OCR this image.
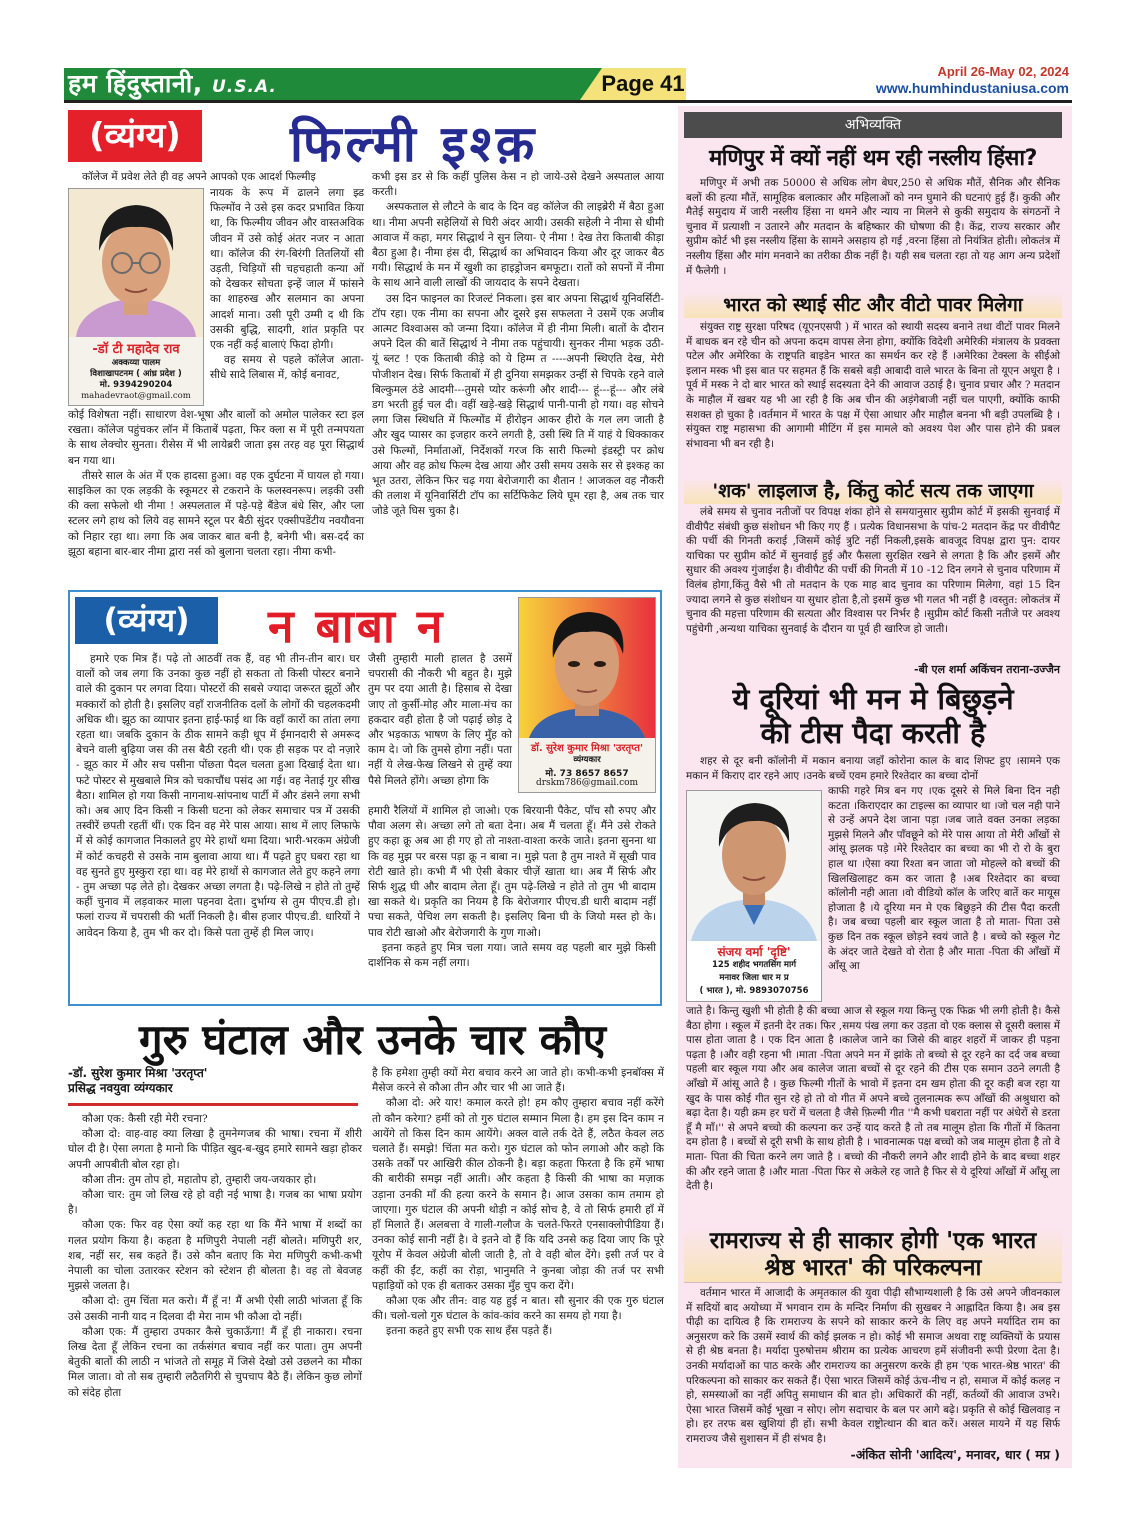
हम हिंदुस्तानी, U.S.A.	Page 41	April 26-May 02, 2024
www.humhindustaniusa.com
(व्यंग्य)	फिल्मी इश्क़

कॉलेज में प्रवेश लेते ही वह अपने आपको एक आदर्श फिल्मीइ

-डॉ टी महादेव राव
अक्कय्या पालम
विशाखापटनम ( आंध्र प्रदेश )
मो. 9394290204
mahadevraot@gmail.com

नायक के रूप में ढालने लगा झ्ड फिल्मोंव ने उसे इस कदर प्रभावित किया था, कि फिल्मीय जीवन और वास्तअविक जीवन में उसे कोई अंतर नजर न आता था। कॉलेज की रंग-बिरंगी तितलियों सी उड़ती, चिड़ियों सी चहचहाती कन्या ओं को देखकर सोचता इन्हें जाल में फांसने का शाहरुख और सलमान का अपना आदर्श माना। उसी पूरी उम्मी द थी कि उसकी बुद्धि, सादगी, शांत प्रकृति पर एक नहीं कई बालाएं फिदा होगी।

वह समय से पहले कॉलेज आता- सीधे सादे लिबास में, कोई बनावट,

कोई विशेषता नहीं। साधारण वेश-भूषा और बालों को अमोल पालेकर स्टा इल रखता। कॉलेज पहुंचकर लॉन में किताबें पढ़ता, फिर क्ला स में पूरी तन्मपयता के साथ लेक्चोर सुनता। रीसेस में भी लायेब्ररी जाता इस तरह वह पूरा सिद्धार्थ बन गया था।

तीसरे साल के अंत में एक हादसा हुआ। वह एक दुर्घटना में घायल हो गया। साइकिल का एक लड़की के स्कूमटर से टकराने के फलस्वनरूप। लड़की उसी की क्ला सफेलो थी नीमा ! अस्पलताल में पड़े-पड़े बैंडेज बंधे सिर, और प्ला स्टलर लगे हाथ को लिये वह सामने स्टूल पर बैठी सुंदर एक्सीपडेंटीय नवयौवना को निहार रहा था। लगा कि अब जाकर बात बनी है, बनेगी भी। बस-दर्द का झूठा बहाना बार-बार नीमा द्वारा नर्स को बुलाना चलता रहा। नीमा कभी-

कभी इस डर से कि कहीं पुलिस केस न हो जाये-उसे देखने अस्पताल आया करती।

अस्पकताल से लौटने के बाद के दिन वह कॉलेज की लाइब्रेरी में बैठा हुआ था। नीमा अपनी सहेलियों से घिरी अंदर आयी। उसकी सहेली ने नीमा से धीमी आवाज में कहा, मगर सिद्धार्थ ने सुन लिया- ऐ नीमा ! देख तेरा किताबी कीड़ा बैठा हुआ है। नीमा हंस दी, सिद्धार्थ का अभिवादन किया और दूर जाकर बैठ गयी। सिद्धार्थ के मन में खुशी का हाइड्रोजन बमफूटा। रातों को सपनों में नीमा के साथ आने वाली लाखों की जायदाद के सपने देखता।

उस दिन फाइनल का रिजल्टं निकला। इस बार अपना सिद्धार्थ यूनिवर्सिटी-टॉप रहा। एक नीमा का सपना और दूसरे इस सफलता ने उसमें एक अजीब आत्मट विश्वाअस को जन्मा दिया। कॉलेज में ही नीमा मिली। बातों के दौरान अपने दिल की बातें सिद्धार्थ ने नीमा तक पहुंचायी। सुनकर नीमा भड़क उठी- यूं ब्लट ! एक किताबी कीड़े को ये हिम्म त ----अपनी स्थिएति देख, मेरी पोजीशन देख। सिर्फ किताबों में ही दुनिया समझकर उन्हीं से चिपके रहने वाले बिल्कुमल ठंडे आदमी---तुमसे प्योर करूंगी और शादी--- हूं---हूं--- और लंबे डग भरती हुई चल दी। वहीं खड़े-खड़े सिद्धार्थ पानी-पानी हो गया। वह सोचने लगा जिस स्थिधति में फिल्मोंड में हीरोइन आकर हीरो के गल लग जाती है और खुद प्यासर का इजहार करने लगती है, उसी स्थि ति में याहं ये धिक्काकर उसे फिल्मों, निर्माताओं, निर्देशकों गरज कि सारी फिल्मो इंडस्ट्री पर क्रोध आया और वह क्रोध फिल्म देख आया और उसी समय उसके सर से इश्कह का भूत उतरा, लेकिन फिर चढ़ गया बेरोजगारी का शैतान ! आजकल वह नौकरी की तलाश में यूनिवार्सिटी टॉप का सर्टिफिकेट लिये घूम रहा है, अब तक चार जोडे जूते घिस चुका है।

(व्यंग्य)	न बाबा न
डॉ. सुरेश कुमार मिश्रा 'उरतृप्त'
व्यंग्यकार
मो. 73 8657 8657
drskm786@gmail.com

हमारे एक मित्र हैं। पढ़े तो आठवीं तक हैं, वह भी तीन-तीन बार। घर वालों को जब लगा कि उनका कुछ नहीं हो सकता तो किसी पोस्टर बनाने वाले की दुकान पर लगवा दिया। पोस्टरों की सबसे ज्यादा जरूरत झूठों और मक्कारों को होती है। इसलिए वहाँ राजनीतिक दलों के लोगों की चहलकदमी अधिक थी। झूठ का व्यापार इतना हाई-फाई था कि वहाँ कारों का तांता लगा रहता था। जबकि दुकान के ठीक सामने कड़ी धूप में ईमानदारी से अमरूद बेचने वाली बुढ़िया जस की तस बैठी रहती थी। एक ही सड़क पर दो नज़ारे - झूठ कार में और सच पसीना पोंछता पैदल चलता हुआ दिखाई देता था। फटे पोस्टर से मुखबाले मित्र को चकाचौंध पसंद आ गई। वह नेताई गुर सीख बैठा। शामिल हो गया किसी नागनाथ-सांपनाथ पार्टी में और डंसने लगा सभी को। अब आए दिन किसी न किसी घटना को लेकर समाचार पत्र में उसकी तस्वीरें छपती रहतीं थीं। एक दिन वह मेरे पास आया। साथ में लाए लिफाफे में से कोई कागजात निकालते हुए मेरे हाथों थमा दिया। भारी-भरकम अंग्रेजी में कोर्ट कचहरी से उसके नाम बुलावा आया था। मैं पढ़ते हुए घबरा रहा था वह सुनते हुए मुस्कुरा रहा था। वह मेरे हाथों से कागजात लेते हुए कहने लगा - तुम अच्छा पढ़ लेते हो। देखकर अच्छा लगता है। पढ़े-लिखे न होते तो तुम्हें कहीं चुनाव में लड़वाकर माला पहनवा देता। दुर्भाग्य से तुम पीएच.डी हो। फलां राज्य में चपरासी की भर्ती निकली है। बीस हजार पीएच.डी. धारियों ने आवेदन किया है, तुम भी कर दो। किसे पता तुम्हें ही मिल जाए।

जैसी तुम्हारी माली हालत है उसमें चपरासी की नौकरी भी बहुत है। मुझे तुम पर दया आती है। हिसाब से देखा जाए तो कुर्सी-मोह और माला-मंच का हकदार वही होता है जो पढ़ाई छोड़ दे और भड़काऊ भाषण के लिए मुँह को काम दे। जो कि तुमसे होगा नहीं। पता नहीं ये लेख-फेख लिखने से तुम्हें क्या पैसे मिलते होंगे। अच्छा होगा कि

हमारी रैलियों में शामिल हो जाओ। एक बिरयानी पैकेट, पाँच सौ रुपए और पौवा अलग से। अच्छा लगे तो बता देना। अब मैं चलता हूँ। मैंने उसे रोकते हुए कहा क्रू अब आ ही गए हो तो नाश्ता-वाश्ता करके जाते। इतना सुनना था कि वह मुझ पर बरस पड़ा क्रू न बाबा न। मुझे पता है तुम नाश्ते में सूखी पाव रोटी खाते हो। कभी मैं भी ऐसी बेकार चीज़ें खाता था। अब मैं सिर्फ और सिर्फ शुद्ध घी और बादाम लेता हूँ। तुम पढ़े-लिखे न होते तो तुम भी बादाम खा सकते थे। प्रकृति का नियम है कि बेरोजगार पीएच.डी धारी बादाम नहीं पचा सकते, पेचिश लग सकती है। इसलिए बिना घी के जियो मस्त हो के। पाव रोटी खाओ और बेरोजगारी के गुण गाओ।

इतना कहते हुए मित्र चला गया। जाते समय वह पहली बार मुझे किसी दार्शनिक से कम नहीं लगा।

गुरु घंटाल और उनके चार कौए
-डॉ. सुरेश कुमार मिश्रा 'उरतृप्त'
प्रसिद्ध नवयुवा व्यंग्यकार

कौआ एक: कैसी रही मेरी रचना?

कौआ दो: वाह-वाह क्या लिखा है तुमनेग्गजब की भाषा। रचना में शीरी घोल दी है। ऐसा लगता है मानो कि पीड़ित खुद-ब-खुद हमारे सामने खड़ा होकर अपनी आपबीती बोल रहा हो।

कौआ तीन: तुम तोप हो, महातोप हो, तुम्हारी जय-जयकार हो।

कौआ चार: तुम जो लिख रहे हो वही नई भाषा है। गजब का भाषा प्रयोग है।

कौआ एक: फिर वह ऐसा क्यों कह रहा था कि मैंने भाषा में शब्दों का गलत प्रयोग किया है। कहता है मणिपुरी नेपाली नहीं बोलते। मणिपुरी शर, शब, नहीं सर, सब कहते हैं। उसे कौन बताए कि मेरा मणिपुरी कभी-कभी नेपाली का चोला उतारकर स्टेशन को स्टेशन ही बोलता है। वह तो बेवजह मुझसे जलता है।

कौआ दो: तुम चिंता मत करो। मैं हूँ न! मैं अभी ऐसी लाठी भांजता हूँ कि उसे उसकी नानी याद न दिलवा दी मेरा नाम भी कौआ दो नहीं।

कौआ एक: मैं तुम्हारा उपकार कैसे चुकाऊँगा! मैं हूँ ही नाकारा। रचना लिख देता हूँ लेकिन रचना का तर्कसंगत बचाव नहीं कर पाता। तुम अपनी बेतुकी बातों की लाठी न भांजते तो समूह में जिसे देखो उसे उछलने का मौका मिल जाता। वो तो सब तुम्हारी लठैतगिरी से चुपचाप बैठे हैं। लेकिन कुछ लोगों को संदेह होता

है कि हमेशा तुम्ही क्यों मेरा बचाव करने आ जाते हो। कभी-कभी इनबॉक्स में मैसेज करने से कौआ तीन और चार भी आ जाते हैं।

कौआ दो: अरे यार! कमाल करते हो! हम कौए तुम्हारा बचाव नहीं करेंगे तो कौन करेगा? हमीं को तो गुरु घंटाल सम्मान मिला है। हम इस दिन काम न आयेंगे तो किस दिन काम आयेंगे। अक्ल वाले तर्क देते हैं, लठैत केवल लठ चलाते हैं। समझे! चिंता मत करो। गुरु घंटाल को फोन लगाओ और कहो कि उसके तर्कों पर आखिरी कील ठोकनी है। बड़ा कहता फिरता है कि हमें भाषा की बारीकी समझ नहीं आती। और कहता है किसी की भाषा का मज़ाक उड़ाना उनकी माँ की हत्या करने के समान है। आज उसका काम तमाम हो जाएगा। गुरु घंटाल की अपनी थोड़ी न कोई सोच है, वे तो सिर्फ हमारी हाँ में हाँ मिलाते हैं। अलबत्ता वे गाली-गलौज के चलते-फिरते एनसाक्लोपीडिया हैं। उनका कोई सानी नहीं है। वे इतने वो हैं कि यदि उनसे कह दिया जाए कि पूरे यूरोप में केवल अंग्रेजी बोली जाती है, तो वे वही बोल देंगे। इसी तर्ज पर वे कहीं की ईंट, कहीं का रोड़ा, भानुमति ने कुनबा जोड़ा की तर्ज पर सभी पहाड़ियों को एक ही बताकर उसका मुँह चुप करा देंगे।

कौआ एक और तीन: वाह यह हुई न बात। सौ सुनार की एक गुरु घंटाल की। चलो-चलो गुरु घंटाल के कांव-कांव करने का समय हो गया है।

इतना कहते हुए सभी एक साथ हँस पड़ते हैं।

अभिव्यक्ति
मणिपुर में क्यों नहीं थम रही नस्लीय हिंसा?

मणिपुर में अभी तक 50000 से अधिक लोग बेघर,250 से अधिक मौतें, सैनिक और सैनिक बलों की हत्या मौतें, सामूहिक बलात्कार और महिलाओं को नग्न घुमाने की घटनाएं हुई हैं। कुकी और मैतेई समुदाय में जारी नस्लीय हिंसा ना थमने और न्याय ना मिलने से कुकी समुदाय के संगठनों ने चुनाव में प्रत्याशी न उतारने और मतदान के बहिष्कार की घोषणा की है। केंद्र, राज्य सरकार और सुप्रीम कोर्ट भी इस नस्लीय हिंसा के सामने असहाय हो गई ,वरना हिंसा तो नियंत्रित होती। लोकतंत्र में नस्लीय हिंसा और मांग मनवाने का तरीका ठीक नहीं है। यही सब चलता रहा तो यह आग अन्य प्रदेशों में फैलेगी ।

भारत को स्थाई सीट और वीटो पावर मिलेगा

संयुक्त राष्ट्र सुरक्षा परिषद (यूएनएसपी ) में भारत को स्थायी सदस्य बनाने तथा वीटों पावर मिलने में बाधक बन रहे चीन को अपना कदम वापस लेना होगा, क्योंकि विदेशी अमेरिकी मंत्रालय के प्रवक्ता पटेल और अमेरिका के राष्ट्रपति बाइडेन भारत का समर्थन कर रहे हैं ।अमेरिका टेक्स्ला के सीईओ इलान मस्क भी इस बात पर सहमत हैं कि सबसे बड़ी आबादी वाले भारत के बिना तो यूएन अधूरा है ।पूर्व में मस्क ने दो बार भारत को स्थाई सदस्यता देने की आवाज उठाई है। चुनाव प्रचार और ? मतदान के माहौल में खबर यह भी आ रही है कि अब चीन की अड़ंगेबाजी नहीं चल पाएगी, क्योंकि काफी सशक्त हो चुका है ।वर्तमान में भारत के पक्ष में ऐसा आधार और माहौल बनना भी बड़ी उपलब्धि है ।संयुक्त राष्ट्र महासभा की आगामी मीटिंग में इस मामले को अवश्य पेश और पास होने की प्रबल संभावना भी बन रही है।

'शक' लाइलाज है, किंतु कोर्ट सत्य तक जाएगा

लंबे समय से चुनाव नतीजों पर विपक्ष शंका होने से समयानुसार सुप्रीम कोर्ट में इसकी सुनवाई में वीवीपैट संबंधी कुछ संशोधन भी किए गए हैं । प्रत्येक विधानसभा के पांच-2 मतदान केंद्र पर वीवीपैट की पर्ची की गिनती कराई ,जिसमें कोई त्रुटि नहीं निकली,इसके बावजूद विपक्ष द्वारा पुन: दायर याचिका पर सुप्रीम कोर्ट में सुनवाई हुई और फैसला सुरक्षित रखने से लगता है कि और इसमें और सुधार की अवश्य गुंजाईश है। वीवीपैट की पर्ची की गिनती में 10 -12 दिन लगने से चुनाव परिणाम में विलंब होगा,किंतु वैसे भी तो मतदान के एक माह बाद चुनाव का परिणाम मिलेगा, वहां 15 दिन ज्यादा लगने से कुछ संशोधन या सुधार होता है,तो इसमें कुछ भी गलत भी नहीं है ।वस्तुत: लोकतंत्र में चुनाव की महत्ता परिणाम की सत्यता और विश्वास पर निर्भर है ।सुप्रीम कोर्ट किसी नतीजे पर अवश्य पहुंचेगी ,अन्यथा याचिका सुनवाई के दौरान या पूर्व ही खारिज हो जाती।

-बी एल शर्मा अकिंचन तराना-उज्जैन
ये दूरियां भी मन मे बिछुड़ने
की टीस पैदा करती है

शहर से दूर बनी कॉलोनी में मकान बनाया जहाँ कोरोना काल के बाद शिफ्ट हुए ।सामने एक मकान में किराए दार रहने आए ।उनके बच्चें एवम हमारे रिश्तेदार का बच्चा दोनों

संजय वर्मा 'दृष्टि'
125 शहीद भगतसिंग मार्ग
मनावर जिला धार म प्र
( भारत ), मो. 9893070756

काफी गहरे मित्र बन गए ।एक दूसरे से मिले बिना दिन नही कटता ।किराएदार का टाइल्स का व्यापार था ।जो चल नही पाने से उन्हें अपने देश जाना पड़ा ।जब जाते वक्त उनका लड़का मुझसे मिलने और पाँवछूने को मेरे पास आया तो मेरी आँखों से आंसू झलक पड़े ।मेरे रिश्तेदार का बच्चा का भी रो रो के बुरा हाल था ।ऐसा क्या रिश्ता बन जाता जो मोहल्ले को बच्चों की खिलखिलाहट कम कर जाता है ।अब रिश्तेदार का बच्चा कॉलोनी नही आता ।वो वीडियो कॉल के जरिए बातें कर मायूस होजाता है ।ये दूरिया मन मे एक बिछुड़ने की टीस पैदा करती है। जब बच्चा पहली बार स्कूल जाता है तो माता- पिता उसे कुछ दिन तक स्कूल छोड़ने स्वयं जाते है । बच्चे को स्कूल गेट के अंदर जाते देखते वो रोता है और माता -पिता की आँखों में आँसू आ

जाते है। किन्तु खुशी भी होती है की बच्चा आज से स्कूल गया किन्तु एक फिक्र भी लगी होती है। कैसे बैठा होगा । स्कूल में इतनी देर तक। फिर ,समय पंख लगा कर उड़ता वो एक क्लास से दूसरी क्लास में पास होता जाता है । एक दिन आता है ।कालेज जाने का जिसे की बाहर शहरों में जाकर ही पड़ना पढ़ता है ।और वही रहना भी ।माता -पिता अपने मन में झांके तो बच्चो से दूर रहने का दर्द जब बच्चा पहली बार स्कूल गया और अब कालेज जाता बच्चों से दूर रहने की टीस एक समान उठने लगती है आँखो में आंसू आते है । कुछ फिल्मी गीतों के भावो में इतना दम खम होता की दूर कही बज रहा या खुद के पास कोई गीत सुन रहे हो तो वो गीत में अपने बच्चे तुलनात्मक रूप आँखों की अश्रुधारा को बढ़ा देता है। यही क्रम हर घरों में चलता है जैसे फ़िल्मी गीत ''मै कभी घबराता नहीं पर अंधेरों से डरता हूँ मै माँ।'' से अपने बच्चो की कल्पना कर उन्हें याद करते है तो तब मालूम होता कि गीतों में कितना दम होता है । बच्चों से दूरी सभी के साथ होती है । भावनात्मक पक्ष बच्चो को जब मालूम होता है तो वे माता- पिता की चिता करने लग जाते है । बच्चो की नौकरी लगने और शादी होने के बाद बच्चा शहर की और रहने जाता है ।और माता -पिता फिर से अकेले रह जाते है फिर से ये दूरियां आँखों में आँसू ला देती है।

रामराज्य से ही साकार होगी 'एक भारत
श्रेष्ठ भारत' की परिकल्पना

वर्तमान भारत में आजादी के अमृतकाल की युवा पीढ़ी सौभाग्यशाली है कि उसे अपने जीवनकाल में सदियों बाद अयोध्या में भगवान राम के मन्दिर निर्माण की सुखबर ने आह्लादित किया है। अब इस पीढ़ी का दायित्व है कि रामराज्य के सपने को साकार करने के लिए वह अपने मर्यादित राम का अनुसरण करे कि उसमें स्वार्थ की कोई झलक न हो। कोई भी समाज अथवा राष्ट्र व्यक्तियों के प्रयास से ही श्रेष्ठ बनता है। मर्यादा पुरुषोत्तम श्रीराम का प्रत्येक आचरण हमें संजीवनी रूपी प्रेरणा देता है। उनकी मर्यादाओं का पाठ करके और रामराज्य का अनुसरण करके ही हम 'एक भारत-श्रेष्ठ भारत' की परिकल्पना को साकार कर सकते हैं। ऐसा भारत जिसमें कोई ऊंच-नीच न हो, समाज में कोई कलह न हो, समस्याओं का नहीं अपितु समाधान की बात हो। अधिकारों की नहीं, कर्तव्यों की आवाज उभरे। ऐसा भारत जिसमें कोई भूखा न सोए। लोग सदाचार के बल पर आगे बढ़े। प्रकृति से कोई खिलवाड़ न हो। हर तरफ बस खुशियां ही हों। सभी केवल राष्ट्रोत्थान की बात करें। असल मायने में यह सिर्फ रामराज्य जैसे सुशासन में ही संभव है।

-अंकित सोनी 'आदित्य', मनावर, धार ( मप्र )
